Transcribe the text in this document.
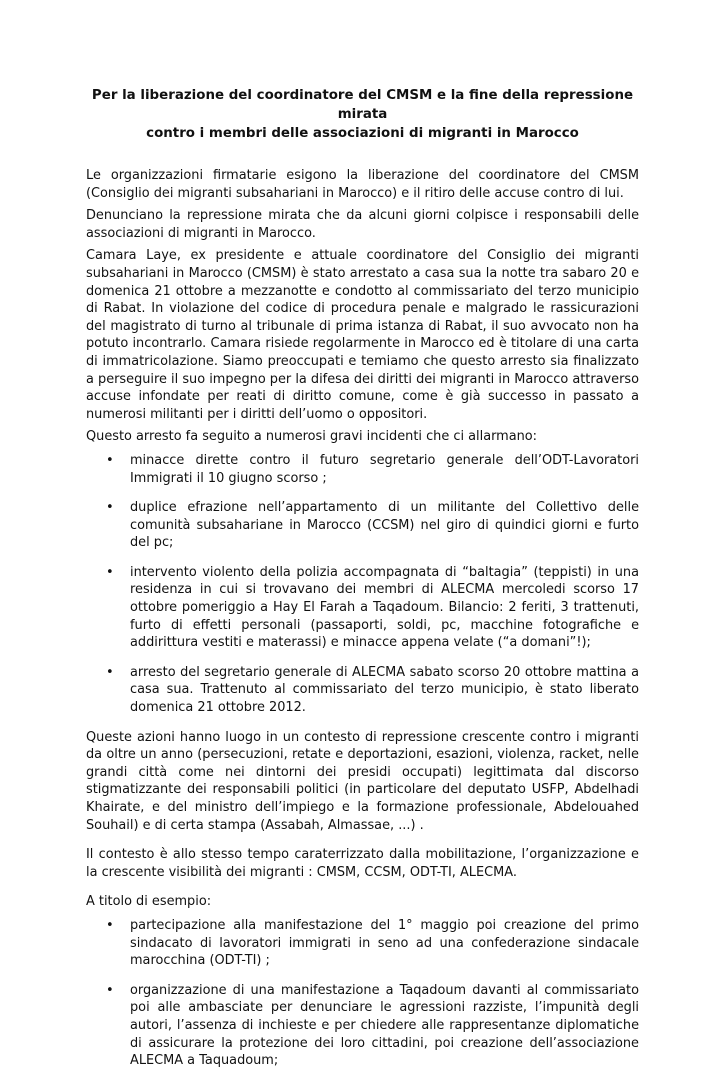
Per la liberazione del coordinatore del CMSM e la fine della repressione mirata
contro i membri delle associazioni di migranti in Marocco

Le organizzazioni firmatarie esigono la liberazione del coordinatore del CMSM (Consiglio dei migranti subsahariani in Marocco) e il ritiro delle accuse contro di lui.

Denunciano la repressione mirata che da alcuni giorni colpisce i responsabili delle associazioni di migranti in Marocco.

Camara Laye, ex presidente e attuale coordinatore del Consiglio dei migranti subsahariani in Marocco (CMSM) è stato arrestato a casa sua la notte tra sabaro 20 e domenica 21 ottobre a mezzanotte e condotto al commissariato del terzo municipio di Rabat. In violazione del codice di procedura penale e malgrado le rassicurazioni del magistrato di turno al tribunale di prima istanza di Rabat, il suo avvocato non ha potuto incontrarlo. Camara risiede regolarmente in Marocco ed è titolare di una carta di immatricolazione. Siamo preoccupati e temiamo che questo arresto sia finalizzato a perseguire il suo impegno per la difesa dei diritti dei migranti in Marocco attraverso accuse infondate per reati di diritto comune, come è già successo in passato a numerosi militanti per i diritti dell’uomo o oppositori.

Questo arresto fa seguito a numerosi gravi incidenti che ci allarmano:

• minacce dirette contro il futuro segretario generale dell’ODT-Lavoratori Immigrati il 10 giugno scorso ;
• duplice efrazione nell’appartamento di un militante del Collettivo delle comunità subsahariane in Marocco (CCSM) nel giro di quindici giorni e furto del pc;
• intervento violento della polizia accompagnata di “baltagia” (teppisti) in una residenza in cui si trovavano dei membri di ALECMA mercoledi scorso 17 ottobre pomeriggio a Hay El Farah a Taqadoum. Bilancio: 2 feriti, 3 trattenuti, furto di effetti personali (passaporti, soldi, pc, macchine fotografiche e addirittura vestiti e materassi) e minacce appena velate (“a domani”!);
• arresto del segretario generale di ALECMA sabato scorso 20 ottobre mattina a casa sua. Trattenuto al commissariato del terzo municipio, è stato liberato domenica 21 ottobre 2012.

Queste azioni hanno luogo in un contesto di repressione crescente contro i migranti da oltre un anno (persecuzioni, retate e deportazioni, esazioni, violenza, racket, nelle grandi città come nei dintorni dei presidi occupati) legittimata dal discorso stigmatizzante dei responsabili politici (in particolare del deputato USFP, Abdelhadi Khairate, e del ministro dell’impiego e la formazione professionale, Abdelouahed Souhail) e di certa stampa (Assabah, Almassae, ...) .

Il contesto è allo stesso tempo caraterrizzato dalla mobilitazione, l’organizzazione e la crescente visibilità dei migranti : CMSM, CCSM, ODT-TI, ALECMA.

A titolo di esempio:

• partecipazione alla manifestazione del 1° maggio poi creazione del primo sindacato di lavoratori immigrati in seno ad una confederazione sindacale marocchina (ODT-TI) ;
• organizzazione di una manifestazione a Taqadoum davanti al commissariato poi alle ambasciate per denunciare le agressioni razziste, l’impunità degli autori, l’assenza di inchieste e per chiedere alle rappresentanze diplomatiche di assicurare la protezione dei loro cittadini, poi creazione dell’associazione ALECMA a Taquadoum;
